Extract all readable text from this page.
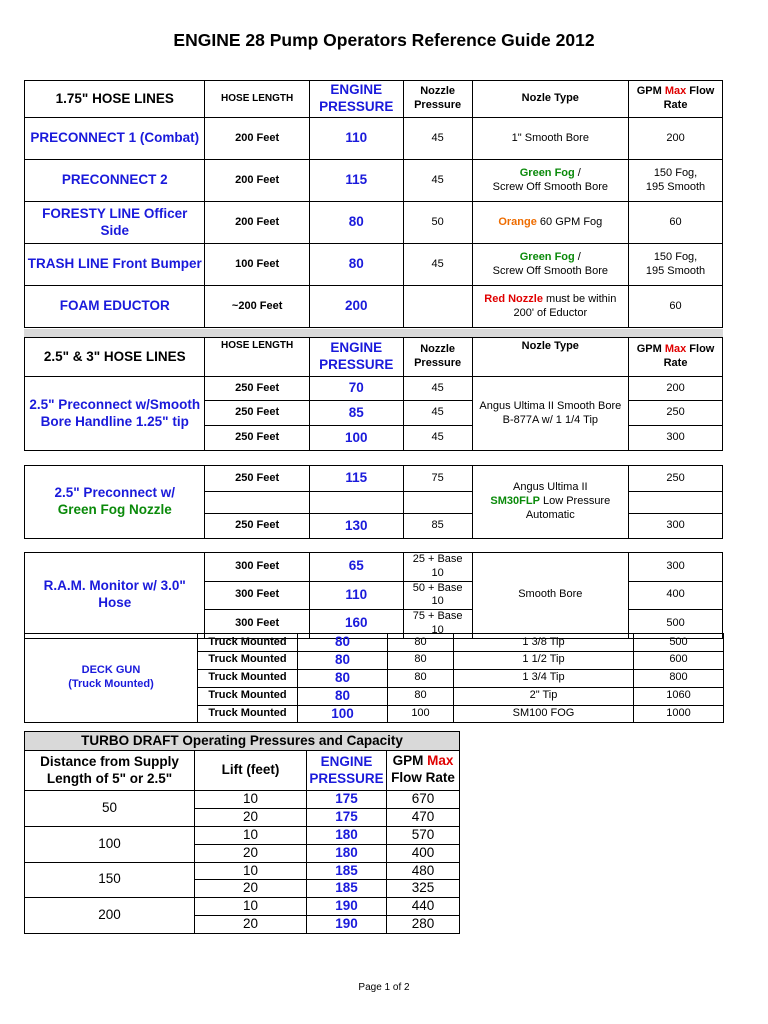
ENGINE 28 Pump Operators Reference Guide 2012
1.75" HOSE LINES	HOSE LENGTH	ENGINE
PRESSURE	Nozzle
Pressure	Nozle Type	GPM Max Flow
Rate
PRECONNECT 1 (Combat)	200 Feet	110	45	1" Smooth Bore	200
PRECONNECT 2	200 Feet	115	45	Green Fog /
Screw Off Smooth Bore	150 Fog,
195 Smooth
FORESTY LINE Officer Side	200 Feet	80	50	Orange 60 GPM Fog	60
TRASH LINE Front Bumper	100 Feet	80	45	Green Fog /
Screw Off Smooth Bore	150 Fog,
195 Smooth
FOAM EDUCTOR	~200 Feet	200		Red Nozzle must be within
200' of Eductor	60
2.5" & 3" HOSE LINES	HOSE LENGTH	ENGINE
PRESSURE	Nozzle
Pressure	Nozle Type	GPM Max Flow
Rate
2.5" Preconnect w/Smooth Bore Handline 1.25" tip	250 Feet	70	45	Angus Ultima II Smooth Bore
B-877A w/ 1 1/4 Tip	200
	250 Feet	85	45		250
	250 Feet	100	45		300
2.5" Preconnect w/
Green Fog Nozzle	250 Feet	115	75	Angus Ultima II
SM30FLP Low Pressure
Automatic	250

	250 Feet	130	85		300
R.A.M. Monitor w/ 3.0" Hose	300 Feet	65	25 + Base 10	Smooth Bore	300
	300 Feet	110	50 + Base 10		400
	300 Feet	160	75 + Base 10		500
DECK GUN
(Truck Mounted)	Truck Mounted	80	80	1 3/8 Tip	500
	Truck Mounted	80	80	1 1/2 Tip	600
	Truck Mounted	80	80	1 3/4 Tip	800
	Truck Mounted	80	80	2" Tip	1060
	Truck Mounted	100	100	SM100 FOG	1000
TURBO DRAFT Operating Pressures and Capacity			
Distance from Supply Length of 5" or 2.5"	Lift (feet)	ENGINE
PRESSURE	GPM Max
Flow Rate
50	10	175	670
	20	175	470
100	10	180	570
	20	180	400
150	10	185	480
	20	185	325
200	10	190	440
	20	190	280
Page 1 of 2
